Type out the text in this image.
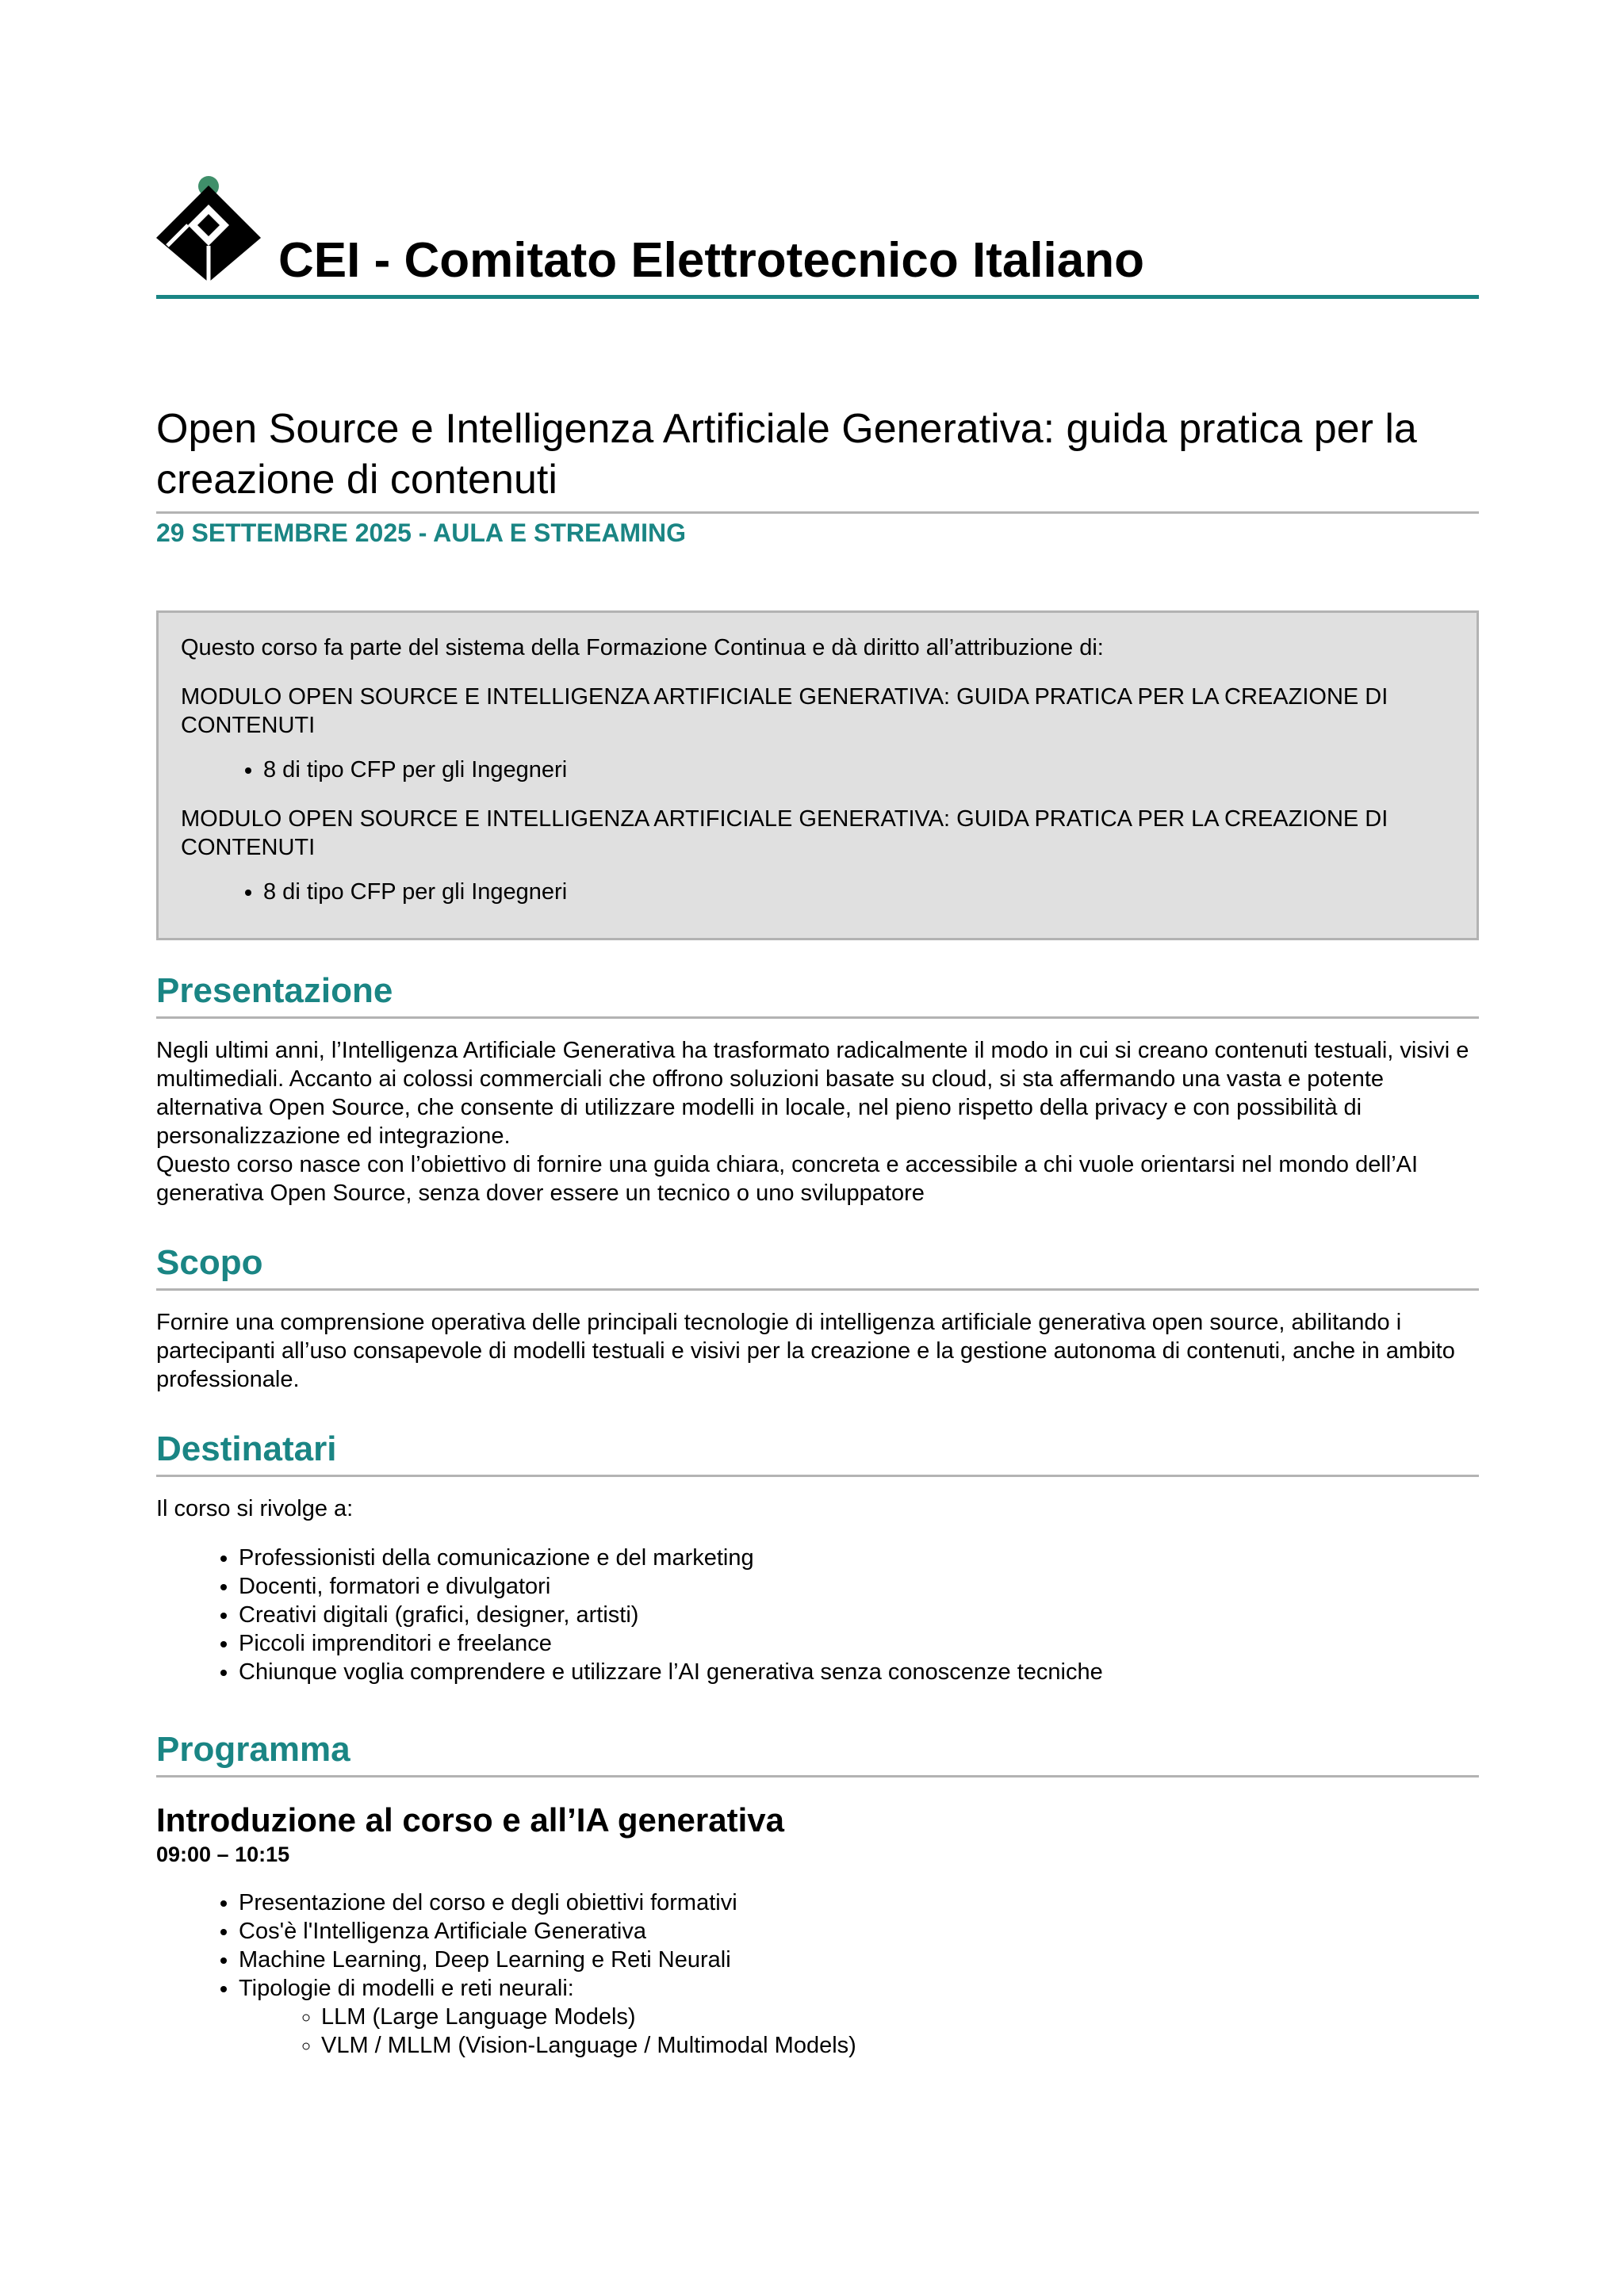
CEI - Comitato Elettrotecnico Italiano
Open Source e Intelligenza Artificiale Generativa: guida pratica per la creazione di contenuti
29 SETTEMBRE 2025 - AULA E STREAMING

Questo corso fa parte del sistema della Formazione Continua e dà diritto all’attribuzione di:

MODULO OPEN SOURCE E INTELLIGENZA ARTIFICIALE GENERATIVA: GUIDA PRATICA PER LA CREAZIONE DI CONTENUTI

• 8 di tipo CFP per gli Ingegneri

MODULO OPEN SOURCE E INTELLIGENZA ARTIFICIALE GENERATIVA: GUIDA PRATICA PER LA CREAZIONE DI CONTENUTI

• 8 di tipo CFP per gli Ingegneri
Presentazione

Negli ultimi anni, l’Intelligenza Artificiale Generativa ha trasformato radicalmente il modo in cui si creano contenuti testuali, visivi e multimediali. Accanto ai colossi commerciali che offrono soluzioni basate su cloud, si sta affermando una vasta e potente alternativa Open Source, che consente di utilizzare modelli in locale, nel pieno rispetto della privacy e con possibilità di personalizzazione ed integrazione.

Questo corso nasce con l’obiettivo di fornire una guida chiara, concreta e accessibile a chi vuole orientarsi nel mondo dell’AI generativa Open Source, senza dover essere un tecnico o uno sviluppatore

Scopo

Fornire una comprensione operativa delle principali tecnologie di intelligenza artificiale generativa open source, abilitando i partecipanti all’uso consapevole di modelli testuali e visivi per la creazione e la gestione autonoma di contenuti, anche in ambito professionale.

Destinatari

Il corso si rivolge a:

• Professionisti della comunicazione e del marketing
• Docenti, formatori e divulgatori
• Creativi digitali (grafici, designer, artisti)
• Piccoli imprenditori e freelance
• Chiunque voglia comprendere e utilizzare l’AI generativa senza conoscenze tecniche
Programma
Introduzione al corso e all’IA generativa
09:00 – 10:15
• Presentazione del corso e degli obiettivi formativi
• Cos'è l'Intelligenza Artificiale Generativa
• Machine Learning, Deep Learning e Reti Neurali
• Tipologie di modelli e reti neurali:
◦ LLM (Large Language Models)
◦ VLM / MLLM (Vision-Language / Multimodal Models)
